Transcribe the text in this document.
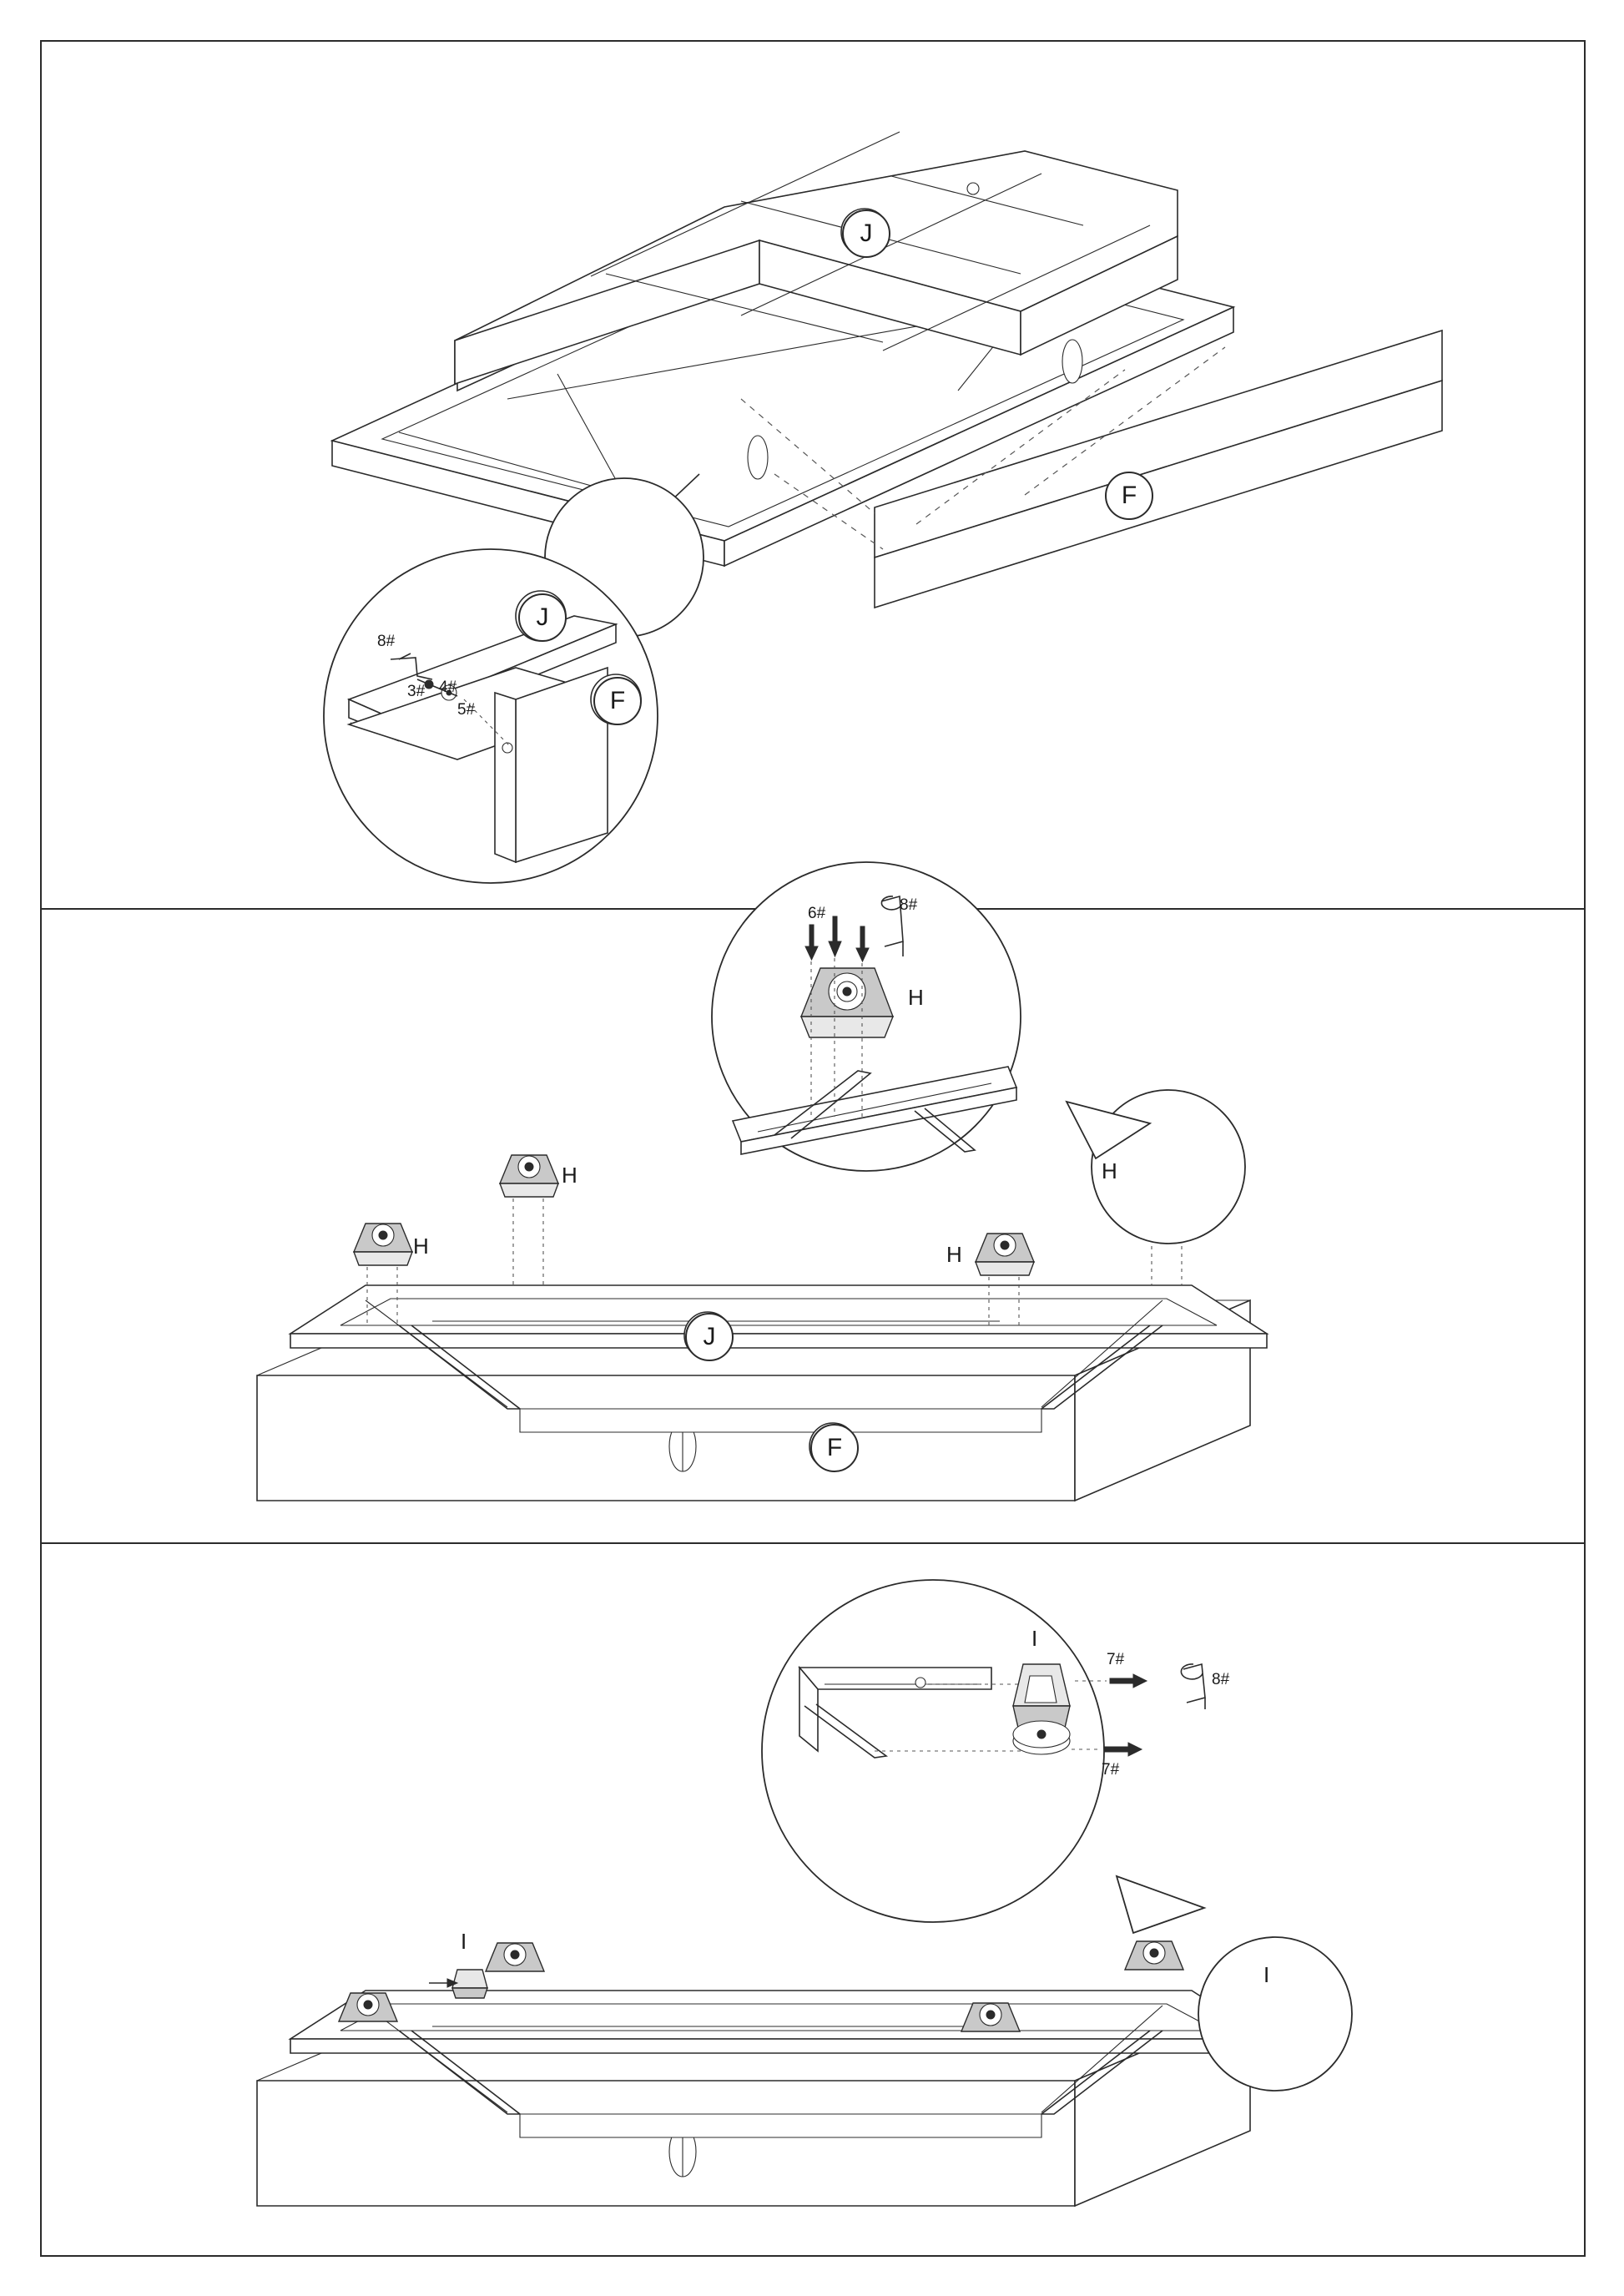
J
F
J
F
8#
3# 4#
5#
H
H
H
H
H
6#	8#
J
F
I
I
I
7#
7#
8#
